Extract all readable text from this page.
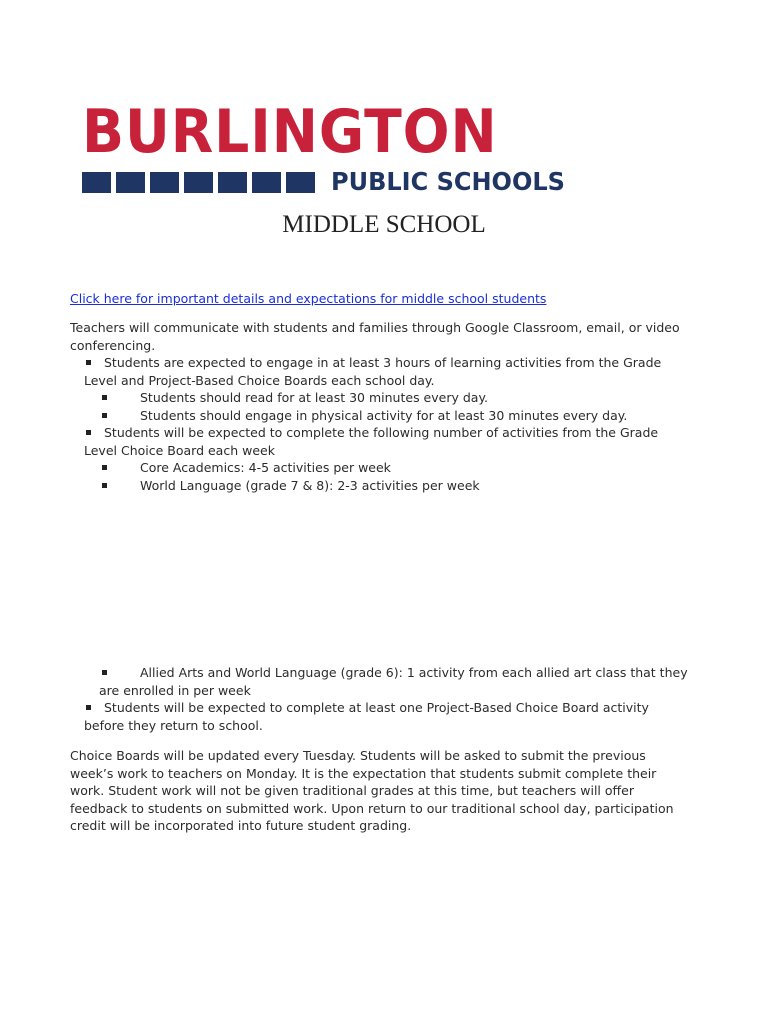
BURLINGTON
PUBLIC SCHOOLS
MIDDLE SCHOOL
Click here for important details and expectations for middle school students

Teachers will communicate with students and families through Google Classroom, email, or video conferencing.

Students are expected to engage in at least 3 hours of learning activities from the Grade Level and Project-Based Choice Boards each school day.

Students should read for at least 30 minutes every day.

Students should engage in physical activity for at least 30 minutes every day.

Students will be expected to complete the following number of activities from the Grade Level Choice Board each week

Core Academics: 4-5 activities per week

World Language (grade 7 & 8): 2-3 activities per week

Allied Arts and World Language (grade 6): 1 activity from each allied art class that they are enrolled in per week

Students will be expected to complete at least one Project-Based Choice Board activity before they return to school.

Choice Boards will be updated every Tuesday. Students will be asked to submit the previous week’s work to teachers on Monday. It is the expectation that students submit complete their work. Student work will not be given traditional grades at this time, but teachers will offer feedback to students on submitted work. Upon return to our traditional school day, participation credit will be incorporated into future student grading.
